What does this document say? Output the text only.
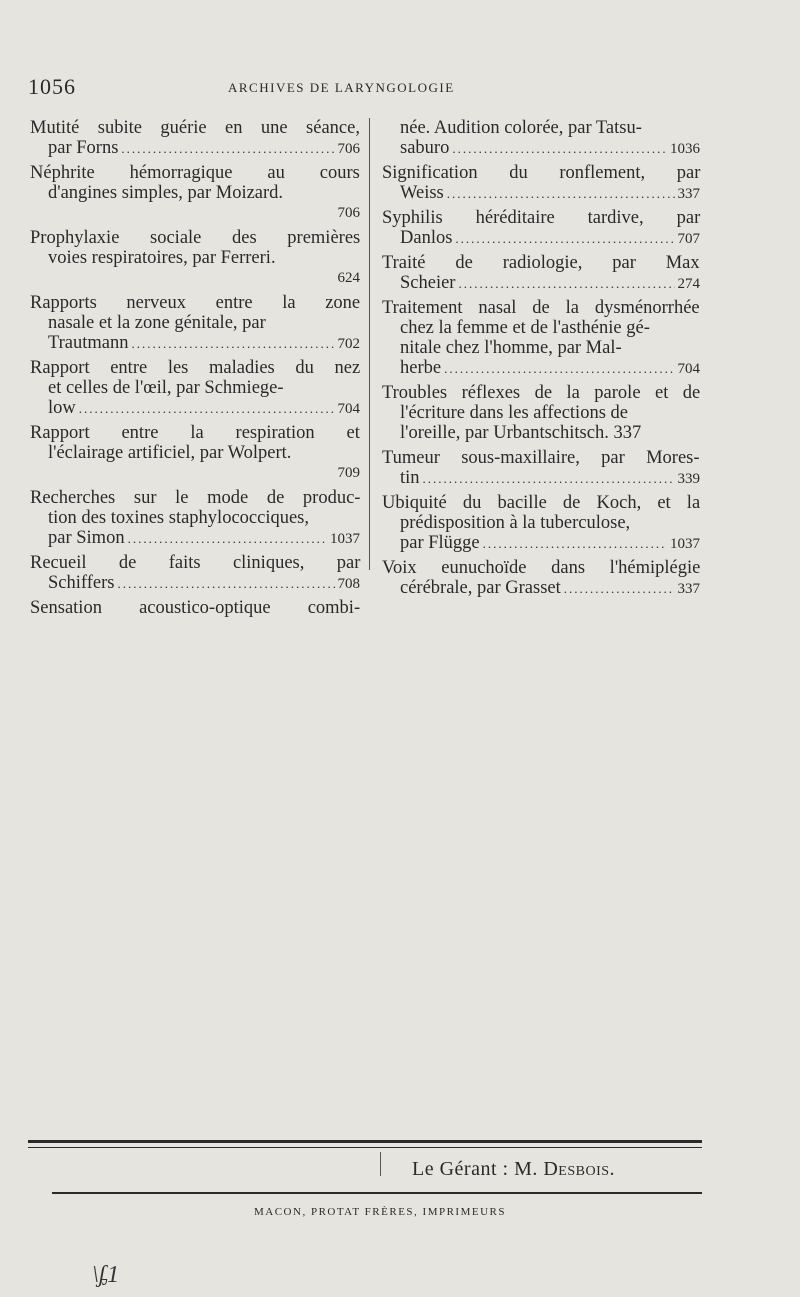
1056	ARCHIVES DE LARYNGOLOGIE
Mutité subite guérie en une séance,
par Forns .....	706
Néphrite hémorragique au cours
d'angines simples, par Moizard.
706
Prophylaxie sociale des premières
voies respiratoires, par Ferreri.
624
Rapports nerveux entre la zone
nasale et la zone génitale, par
Trautmann .....	702
Rapport entre les maladies du nez
et celles de l'œil, par Schmiege-
low .....	704
Rapport entre la respiration et
l'éclairage artificiel, par Wolpert.
709
Recherches sur le mode de produc-
tion des toxines staphylococciques,
par Simon .....	1037
Recueil de faits cliniques, par
Schiffers .....	708
Sensation acoustico-optique combi-
née. Audition colorée, par Tatsu-
saburo .....	1036
Signification du ronflement, par
Weiss .....	337
Syphilis héréditaire tardive, par
Danlos .....	707
Traité de radiologie, par Max
Scheier .....	274
Traitement nasal de la dysménorrhée
chez la femme et de l'asthénie gé-
nitale chez l'homme, par Mal-
herbe .....	704
Troubles réflexes de la parole et de
l'écriture dans les affections de
l'oreille, par Urbantschitsch. 337
Tumeur sous-maxillaire, par Mores-
tin .....	339
Ubiquité du bacille de Koch, et la
prédisposition à la tuberculose,
par Flügge .....	1037
Voix eunuchoïde dans l'hémiplégie
cérébrale, par Grasset .....	337
Le Gérant : M. Desbois.
MACON, PROTAT FRÈRES, IMPRIMEURS
\ᶋ1
